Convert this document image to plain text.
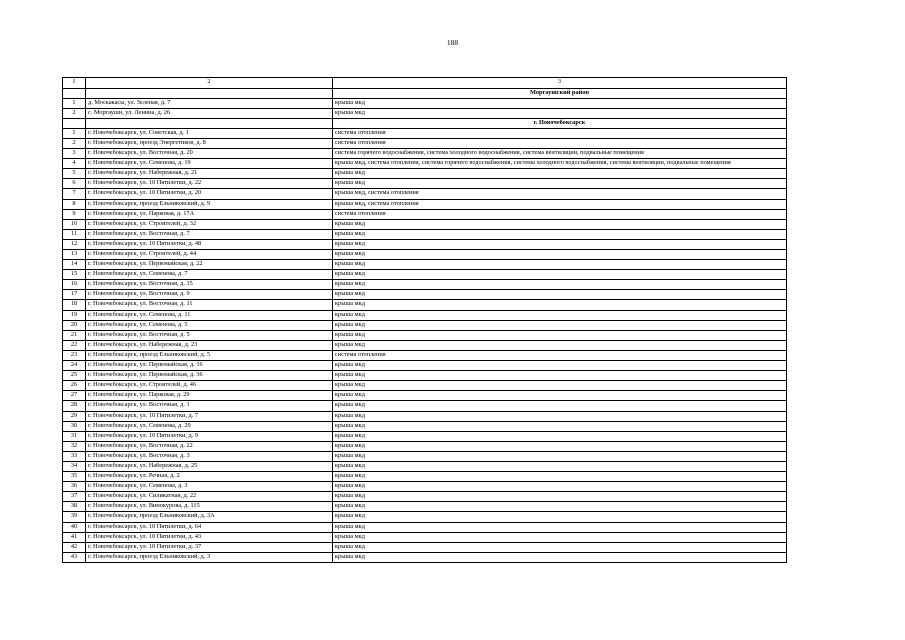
188
1	2	3
		Моргаушский район
1	д. Москакасы, ул. Зеленая, д. 7	крыша мкд
2	с. Моргауши, ул. Ленина, д. 26	крыша мкд
		г. Новочебоксарск
1	г. Новочебоксарск, ул. Советская, д. 1	система отопления
2	г. Новочебоксарск, проезд Энергетиков, д. 8	система отопления
3	г. Новочебоксарск, ул. Восточная, д. 20	система горячего водоснабжения, система холодного водоснабжения, система вентиляции, подвальные помещения
4	г. Новочебоксарск, ул. Семенова, д. 19	крыша мкд, система отопления, система горячего водоснабжения, система холодного водоснабжения, система вентиляции, подвальные помещения
5	г. Новочебоксарск, ул. Набережная, д. 21	крыша мкд
6	г. Новочебоксарск, ул. 10 Пятилетки, д. 22	крыша мкд
7	г. Новочебоксарск, ул. 10 Пятилетки, д. 20	крыша мкд, система отопления
8	г. Новочебоксарск, проезд Ельниковский, д. 9	крыша мкд, система отопления
9	г. Новочебоксарск, ул. Парковая, д. 17А	система отопления
10	г. Новочебоксарск, ул. Строителей, д. 32	крыша мкд
11	г. Новочебоксарск, ул. Восточная, д. 7	крыша мкд
12	г. Новочебоксарск, ул. 10 Пятилетки, д. 48	крыша мкд
13	г. Новочебоксарск, ул. Строителей, д. 44	крыша мкд
14	г. Новочебоксарск, ул. Первомайская, д. 22	крыша мкд
15	г. Новочебоксарск, ул. Семенова, д. 7	крыша мкд
16	г. Новочебоксарск, ул. Восточная, д. 15	крыша мкд
17	г. Новочебоксарск, ул. Восточная, д. 9	крыша мкд
18	г. Новочебоксарск, ул. Восточная, д. 11	крыша мкд
19	г. Новочебоксарск, ул. Семенова, д. 11	крыша мкд
20	г. Новочебоксарск, ул. Семенова, д. 5	крыша мкд
21	г. Новочебоксарск, ул. Восточная, д. 5	крыша мкд
22	г. Новочебоксарск, ул. Набережная, д. 23	крыша мкд
23	г. Новочебоксарск, проезд Ельниковский, д. 5	система отопления
24	г. Новочебоксарск, ул. Первомайская, д. 16	крыша мкд
25	г. Новочебоксарск, ул. Первомайская, д. 36	крыша мкд
26	г. Новочебоксарск, ул. Строителей, д. 46	крыша мкд
27	г. Новочебоксарск, ул. Парковая, д. 29	крыша мкд
28	г. Новочебоксарск, ул. Восточная, д. 1	крыша мкд
29	г. Новочебоксарск, ул. 10 Пятилетки, д. 7	крыша мкд
30	г. Новочебоксарск, ул. Семенова, д. 29	крыша мкд
31	г. Новочебоксарск, ул. 10 Пятилетки, д. 9	крыша мкд
32	г. Новочебоксарск, ул. Восточная, д. 22	крыша мкд
33	г. Новочебоксарск, ул. Восточная, д. 3	крыша мкд
34	г. Новочебоксарск, ул. Набережная, д. 25	крыша мкд
35	г. Новочебоксарск, ул. Речная, д. 2	крыша мкд
36	г. Новочебоксарск, ул. Семенова, д. 3	крыша мкд
37	г. Новочебоксарск, ул. Силикатная, д. 22	крыша мкд
38	г. Новочебоксарск, ул. Винокурова, д. 115	крыша мкд
39	г. Новочебоксарск, проезд Ельниковский, д. 3А	крыша мкд
40	г. Новочебоксарск, ул. 10 Пятилетки, д. 64	крыша мкд
41	г. Новочебоксарск, ул. 10 Пятилетки, д. 43	крыша мкд
42	г. Новочебоксарск, ул. 10 Пятилетки, д. 37	крыша мкд
43	г. Новочебоксарск, проезд Ельниковский, д. 3	крыша мкд
